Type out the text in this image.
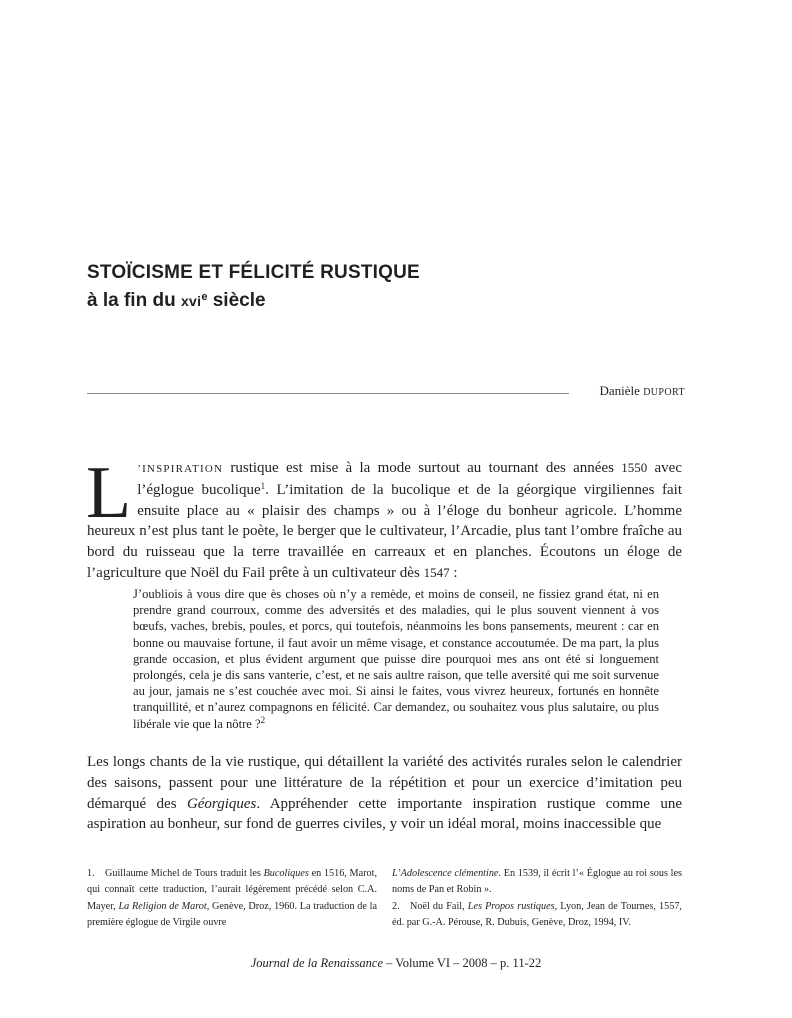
STOÏCISME ET FÉLICITÉ RUSTIQUE
à la fin du xvi$^e$ siècle

Danièle DUPORT

L ’INSPIRATION rustique est mise à la mode surtout au tournant des années 1550 avec l’églogue bucolique$^1$. L’imitation de la bucolique et de la géorgique virgiliennes fait ensuite place au « plaisir des champs » ou à l’éloge du bonheur agricole. L’homme heureux n’est plus tant le poète, le berger que le cultivateur, l’Arcadie, plus tant l’ombre fraîche au bord du ruisseau que la terre travaillée en carreaux et en planches. Écoutons un éloge de l’agriculture que Noël du Fail prête à un cultivateur dès 1547 :

J’oubliois à vous dire que ès choses où n’y a remède, et moins de conseil, ne fissiez grand état, ni en prendre grand courroux, comme des adversités et des maladies, qui le plus souvent viennent à vos bœufs, vaches, brebis, poules, et porcs, qui toutefois, néanmoins les bons pansements, meurent : car en bonne ou mauvaise fortune, il faut avoir un même visage, et constance accoutumée. De ma part, la plus grande occasion, et plus évident argument que puisse dire pourquoi mes ans ont été si longuement prolongés, cela je dis sans vanterie, c’est, et ne sais aultre raison, que telle aversité qui me soit survenue au jour, jamais ne s’est couchée avec moi. Si ainsi le faites, vous vivrez heureux, fortunés en honnête tranquillité, et n’aurez compagnons en félicité. Car demandez, ou souhaitez vous plus salutaire, ou plus libérale vie que la nôtre ?$^2$

Les longs chants de la vie rustique, qui détaillent la variété des activités rurales selon le calendrier des saisons, passent pour une littérature de la répétition et pour un exercice d’imitation peu démarqué des Géorgiques. Appréhender cette importante inspiration rustique comme une aspiration au bonheur, sur fond de guerres civiles, y voir un idéal moral, moins inaccessible que

1. Guillaume Michel de Tours traduit les Bucoliques en 1516, Marot, qui connaît cette traduction, l’aurait légèrement précédé selon C.A. Mayer, La Religion de Marot, Genève, Droz, 1960. La traduction de la première églogue de Virgile ouvre

L’Adolescence clémentine. En 1539, il écrit l’« Églogue au roi sous les noms de Pan et Robin ».

2. Noël du Fail, Les Propos rustiques, Lyon, Jean de Tournes, 1557, éd. par G.-A. Pérouse, R. Dubuis, Genève, Droz, 1994, IV.

Journal de la Renaissance – Volume VI – 2008 – p. 11-22
